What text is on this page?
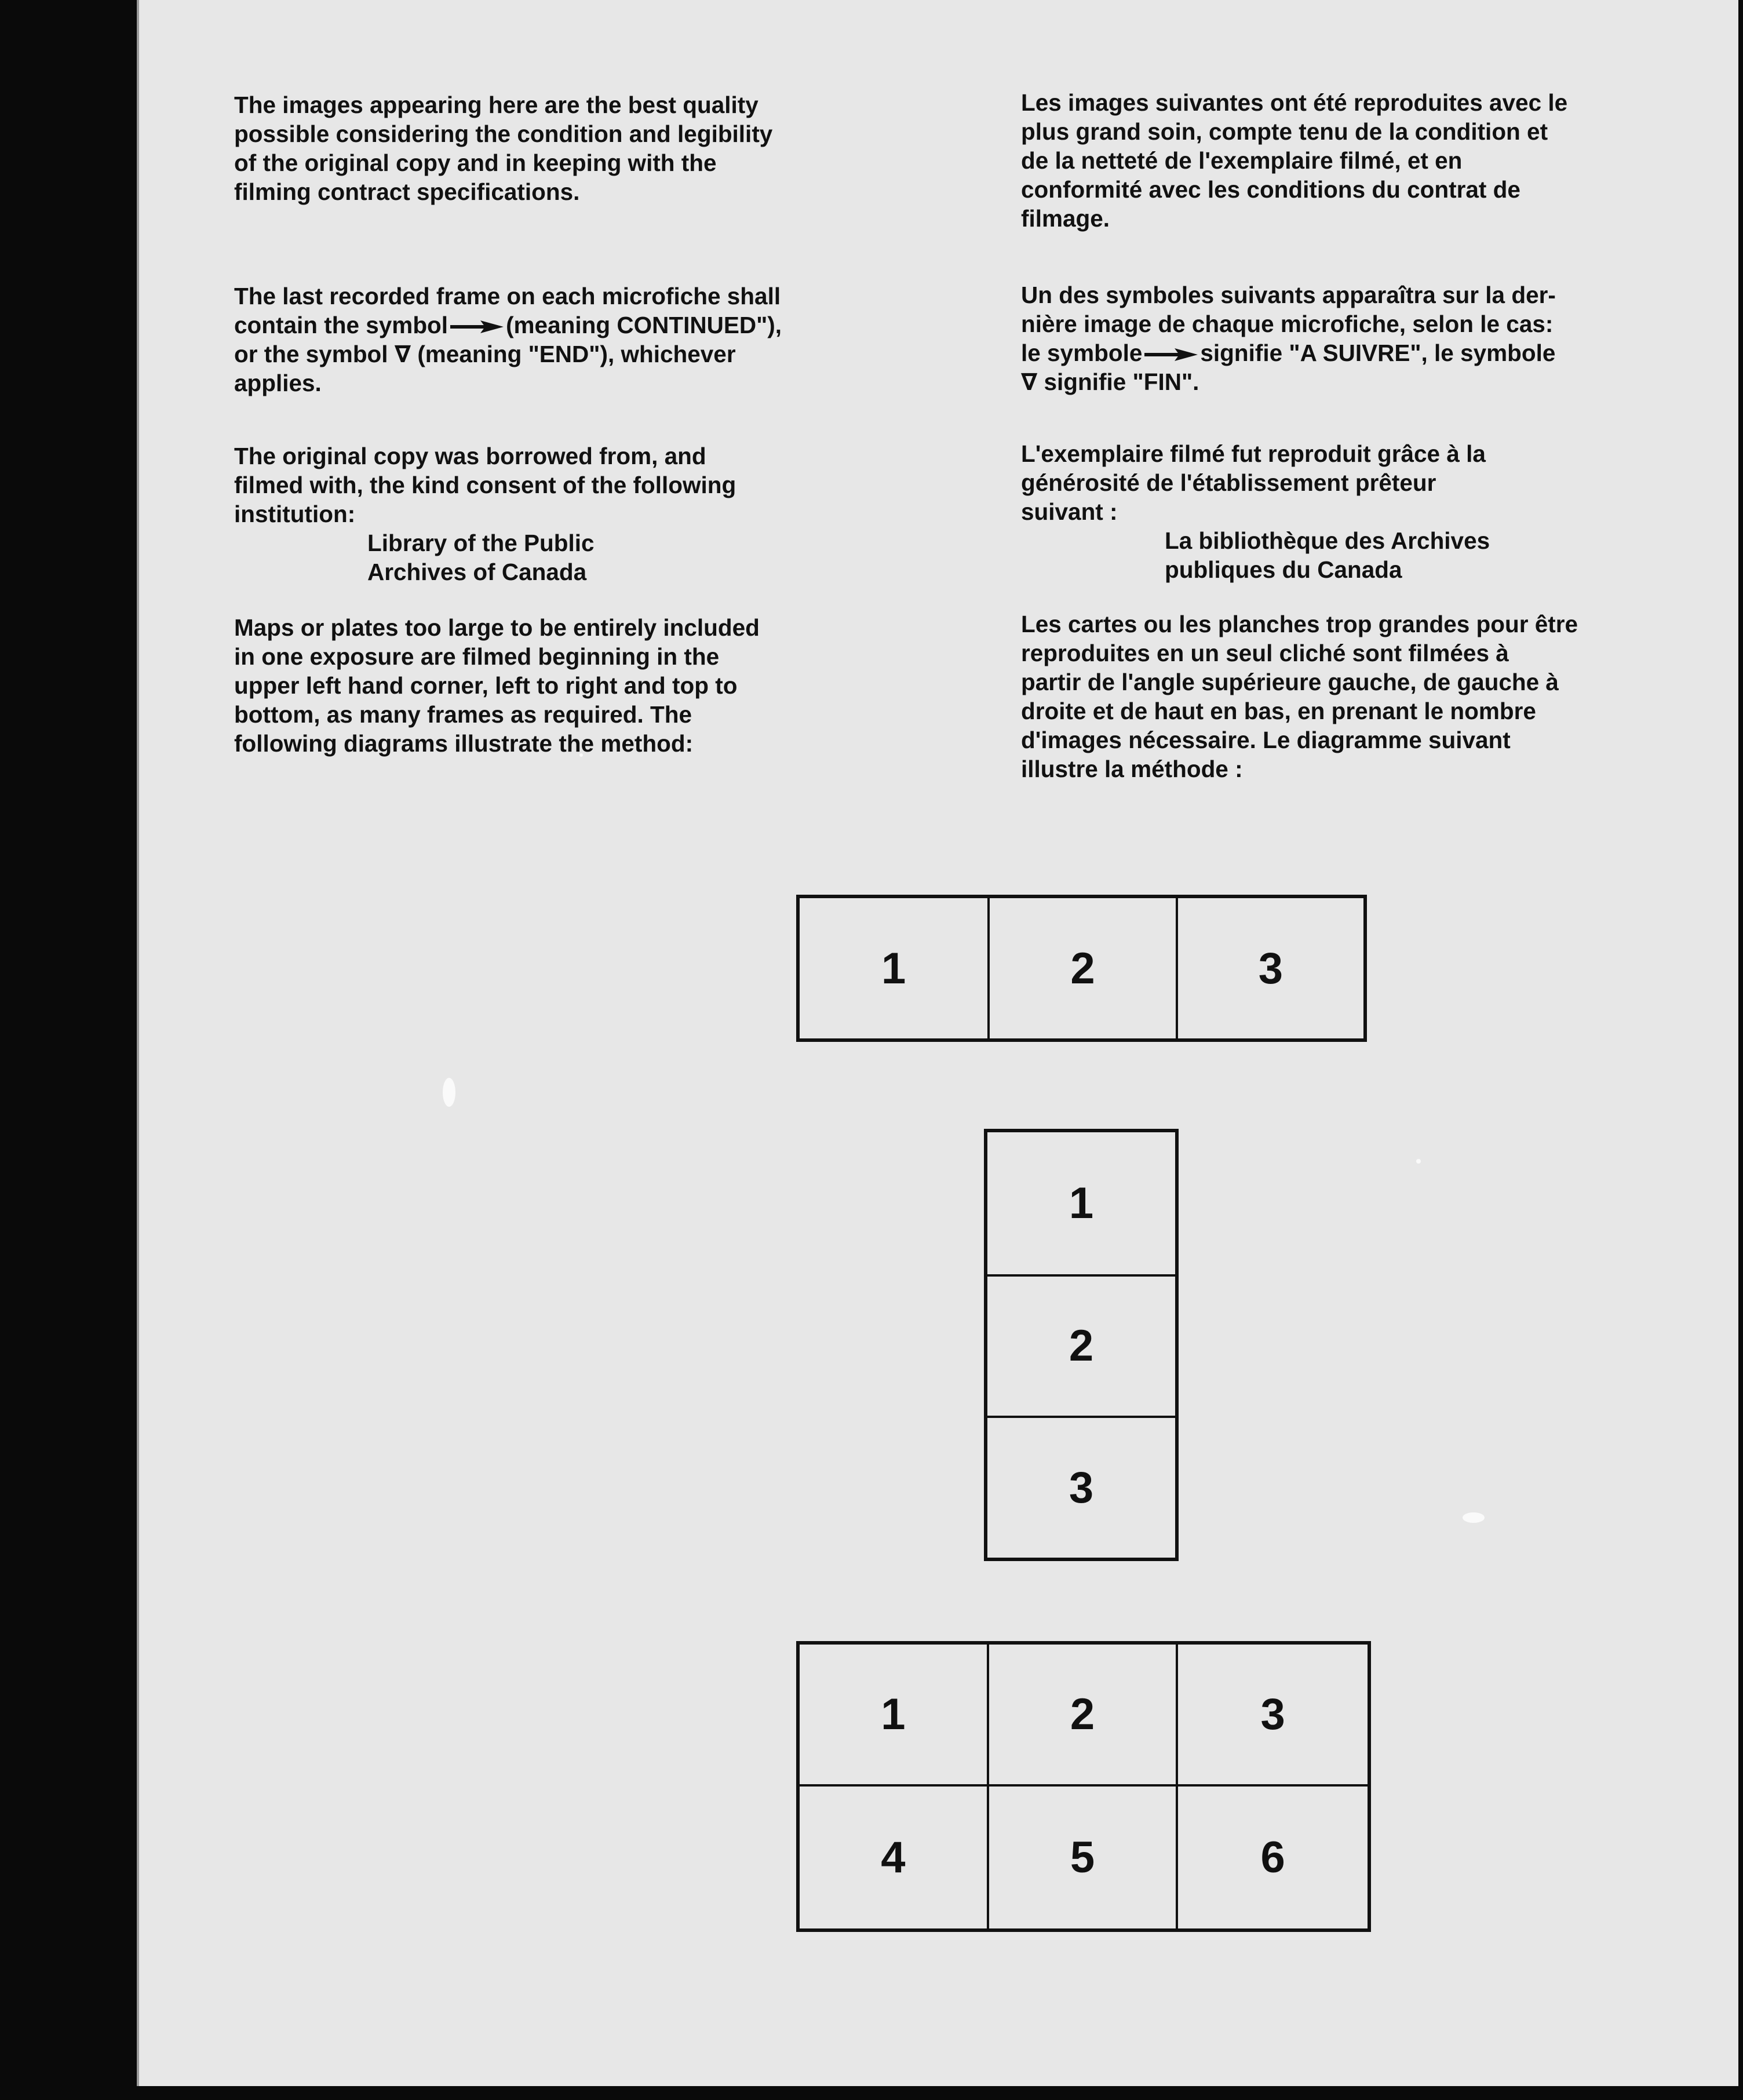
The images appearing here are the best quality

possible considering the condition and legibility

of the original copy and in keeping with the

filming contract specifications.

The last recorded frame on each microfiche shall

contain the symbol (meaning CONTINUED"),

or the symbol ∇ (meaning "END"), whichever

applies.

The original copy was borrowed from, and

filmed with, the kind consent of the following

institution:

Library of the Public

Archives of Canada

Maps or plates too large to be entirely included

in one exposure are filmed beginning in the

upper left hand corner, left to right and top to

bottom, as many frames as required. The

following diagrams illustrate the method:

Les images suivantes ont été reproduites avec le

plus grand soin, compte tenu de la condition et

de la netteté de l'exemplaire filmé, et en

conformité avec les conditions du contrat de

filmage.

Un des symboles suivants apparaîtra sur la der-

nière image de chaque microfiche, selon le cas:

le symbole signifie "A SUIVRE", le symbole

∇ signifie "FIN".

L'exemplaire filmé fut reproduit grâce à la

générosité de l'établissement prêteur

suivant :

La bibliothèque des Archives

publiques du Canada

Les cartes ou les planches trop grandes pour être

reproduites en un seul cliché sont filmées à

partir de l'angle supérieure gauche, de gauche à

droite et de haut en bas, en prenant le nombre

d'images nécessaire. Le diagramme suivant

illustre la méthode :

1	2	3
1
2
3
1	2	3
4	5	6
